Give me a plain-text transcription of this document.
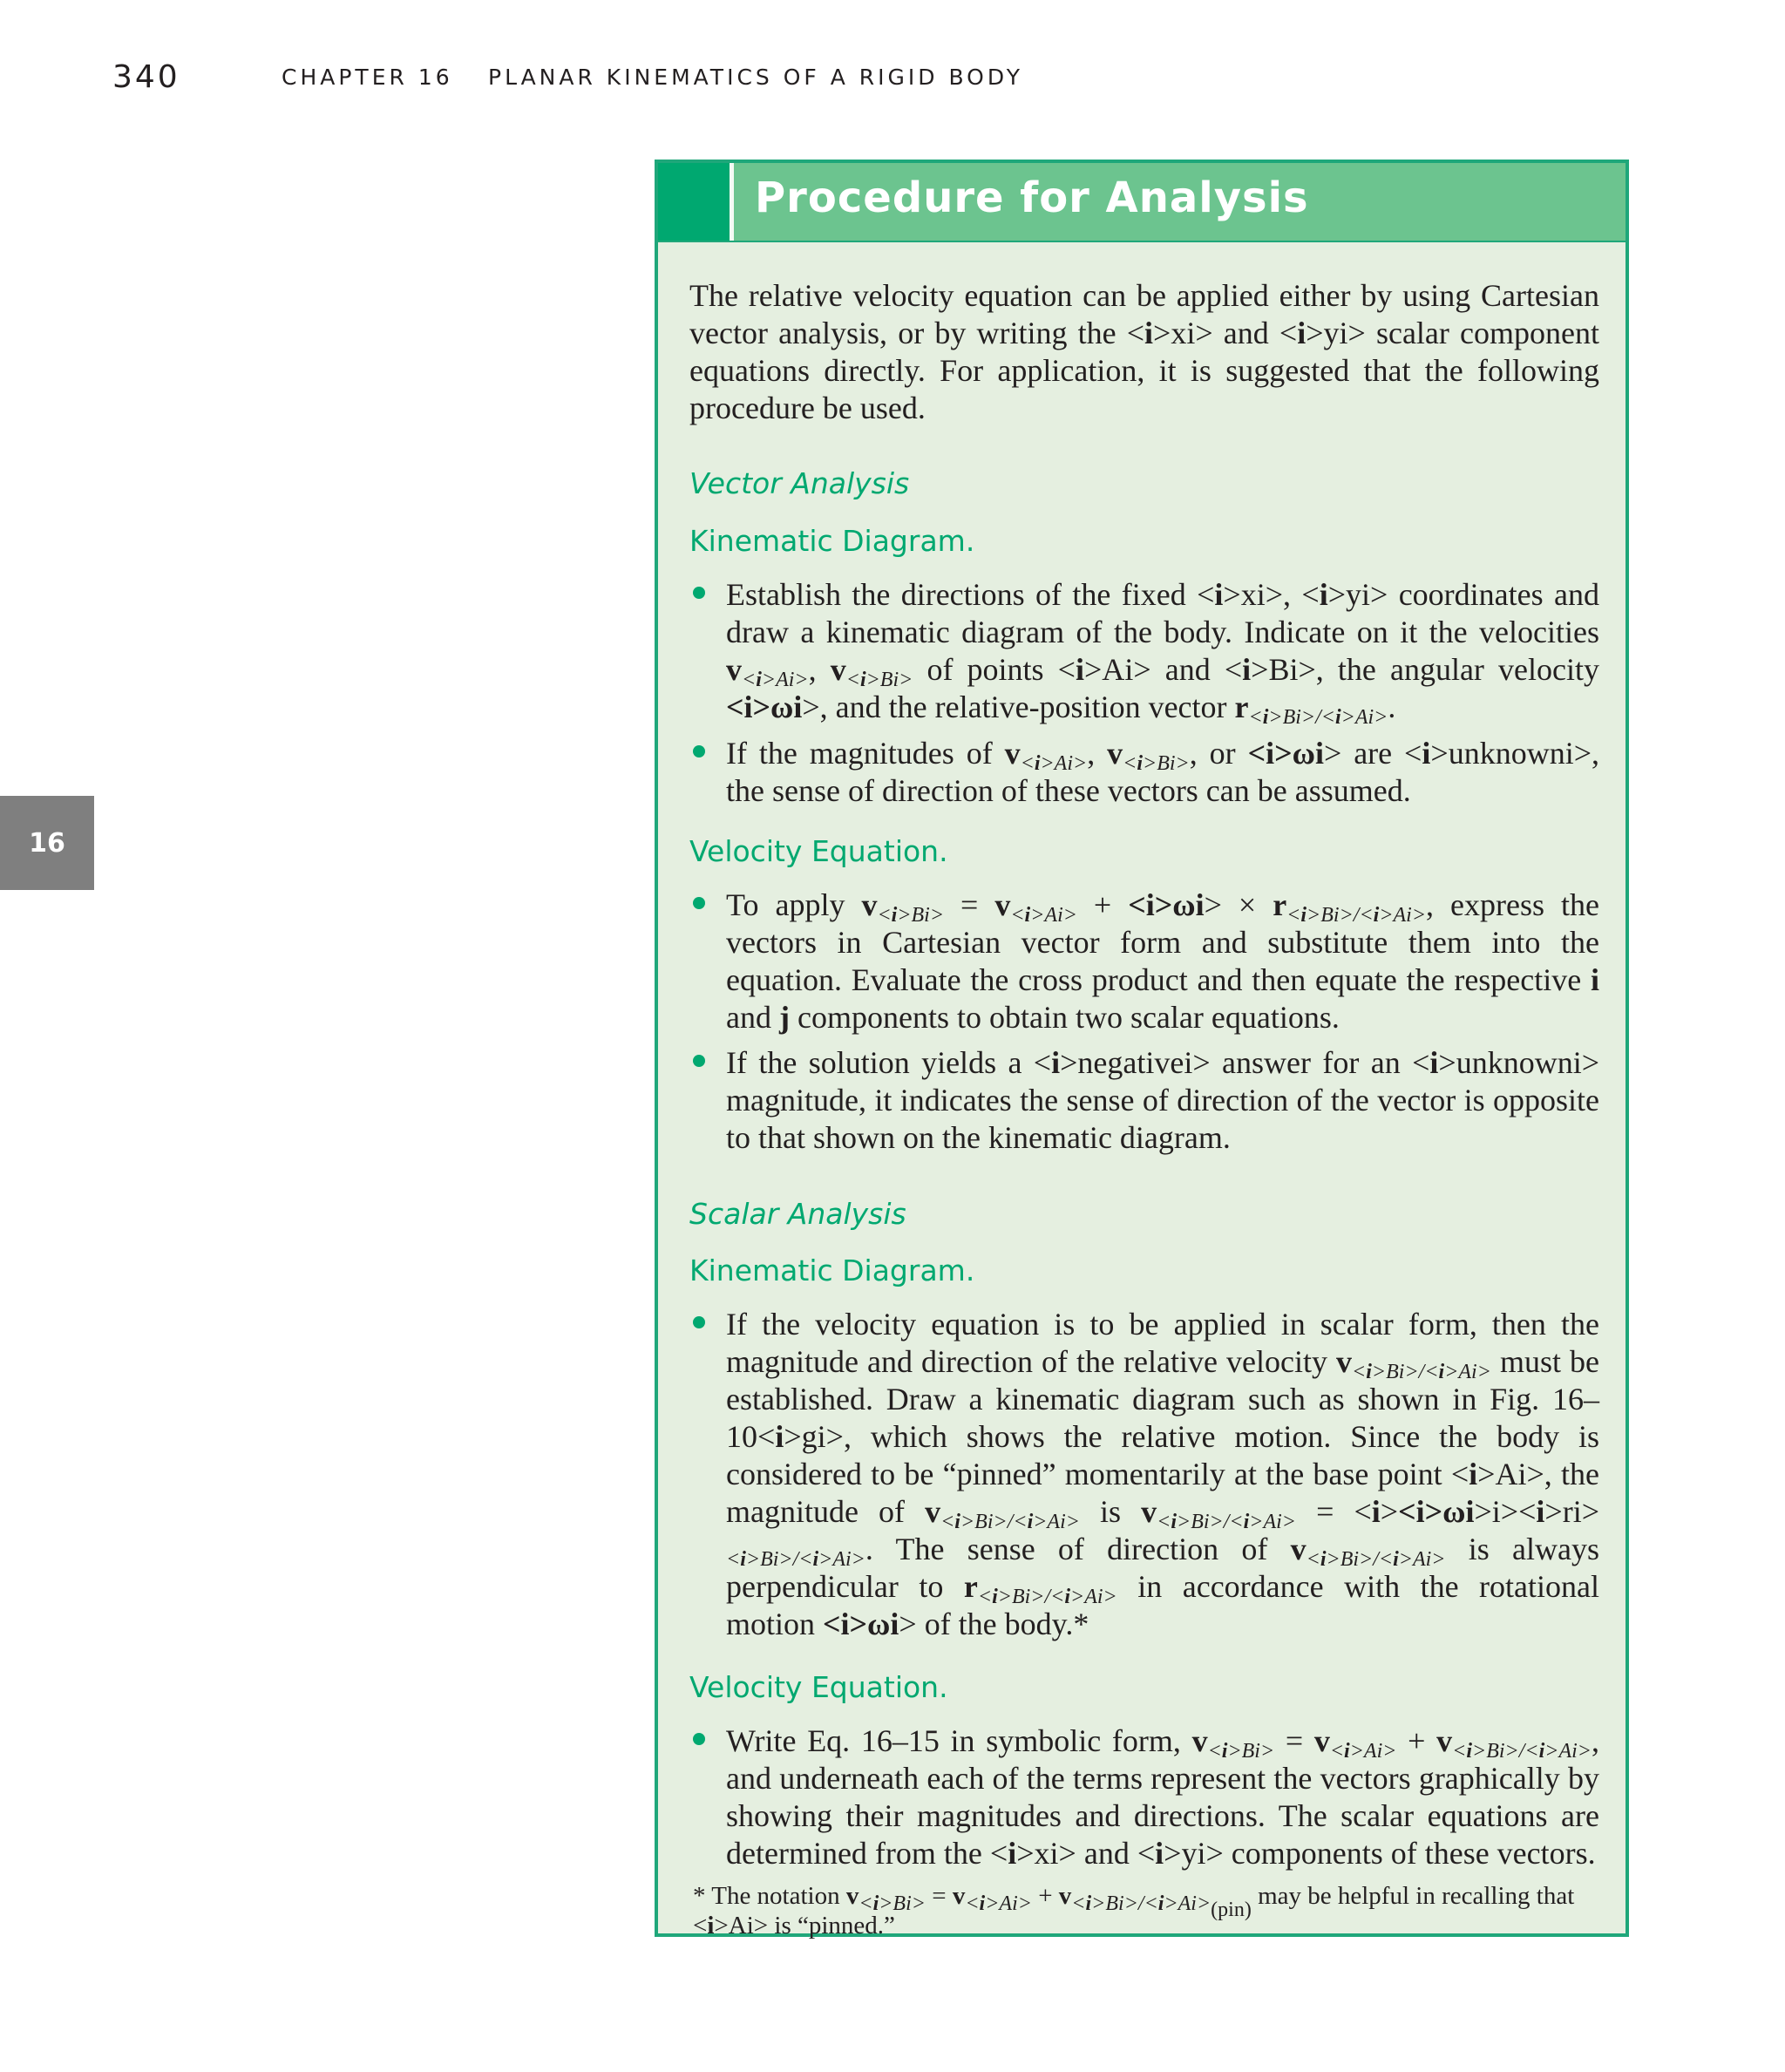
340	CHAPTER 16 PLANAR KINEMATICS OF A RIGID BODY
16
Procedure for Analysis
The relative velocity equation can be applied either by using Cartesian vector analysis, or by writing the <i>xi> and <i>yi> scalar component equations directly. For application, it is suggested that the following procedure be used.
Vector Analysis
Kinematic Diagram.
Establish the directions of the fixed <i>xi>, <i>yi> coordinates and draw a kinematic diagram of the body. Indicate on it the velocities $v_{<i>Ai>}$, $v_{<i>Bi>}$ of points <i>Ai> and <i>Bi>, the angular velocity <i>ωi>, and the relative-position vector $r_{<i>Bi>/<i>Ai>}$.
If the magnitudes of $v_{<i>Ai>}$, $v_{<i>Bi>}$, or <i>ωi> are <i>unknowni>, the sense of direction of these vectors can be assumed.
Velocity Equation.
To apply $v_{<i>Bi>} = v_{<i>Ai>} + <i>\omega i> \times r_{<i>Bi>/<i>Ai>}$, express the vectors in Cartesian vector form and substitute them into the equation. Evaluate the cross product and then equate the respective i and j components to obtain two scalar equations.
If the solution yields a <i>negativei> answer for an <i>unknowni> magnitude, it indicates the sense of direction of the vector is opposite to that shown on the kinematic diagram.
Scalar Analysis
Kinematic Diagram.
If the velocity equation is to be applied in scalar form, then the magnitude and direction of the relative velocity $v_{<i>Bi>/<i>Ai>}$ must be established. Draw a kinematic diagram such as shown in Fig. 16–10<i>gi>, which shows the relative motion. Since the body is considered to be “pinned” momentarily at the base point <i>Ai>, the magnitude of $v_{<i>Bi>/<i>Ai>}$ is $v_{<i>Bi>/<i>Ai>} = <i><i>\omega i>i><i>ri>_{<i>Bi>/<i>Ai>}$. The sense of direction of $v_{<i>Bi>/<i>Ai>}$ is always perpendicular to $r_{<i>Bi>/<i>Ai>}$ in accordance with the rotational motion <i>ωi> of the body.*
Velocity Equation.
Write Eq. 16–15 in symbolic form, $v_{<i>Bi>} = v_{<i>Ai>} + v_{<i>Bi>/<i>Ai>}$, and underneath each of the terms represent the vectors graphically by showing their magnitudes and directions. The scalar equations are determined from the <i>xi> and <i>yi> components of these vectors.
* The notation $v_{<i>Bi>} = v_{<i>Ai>} + v_{<i>Bi>/<i>Ai>(pin)}$ may be helpful in recalling that <i>Ai> is “pinned.”
